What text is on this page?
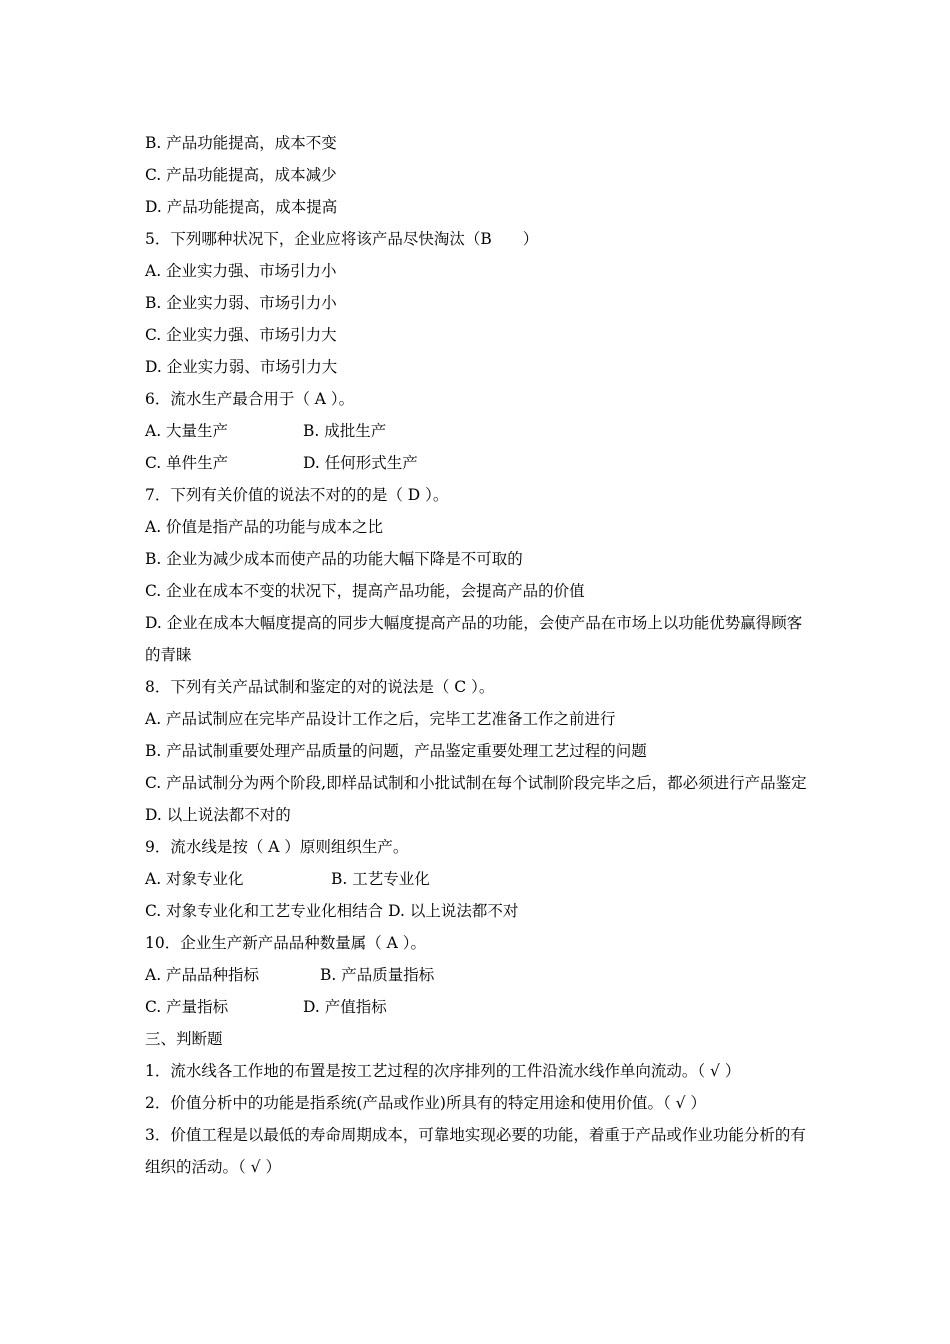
B. 产品功能提高，成本不变
C. 产品功能提高，成本减少
D. 产品功能提高，成本提高
5．下列哪种状况下，企业应将该产品尽快淘汰（B　　）
A. 企业实力强、市场引力小
B. 企业实力弱、市场引力小
C. 企业实力强、市场引力大
D. 企业实力弱、市场引力大
6．流水生产最合用于（ A ）。
A. 大量生产	B. 成批生产
C. 单件生产	D. 任何形式生产
7．下列有关价值的说法不对的的是（ D ）。
A. 价值是指产品的功能与成本之比
B. 企业为减少成本而使产品的功能大幅下降是不可取的
C. 企业在成本不变的状况下，提高产品功能，会提高产品的价值
D. 企业在成本大幅度提高的同步大幅度提高产品的功能，会使产品在市场上以功能优势赢得顾客的青睐
8．下列有关产品试制和鉴定的对的说法是（ C ）。
A. 产品试制应在完毕产品设计工作之后，完毕工艺准备工作之前进行
B. 产品试制重要处理产品质量的问题，产品鉴定重要处理工艺过程的问题
C. 产品试制分为两个阶段,即样品试制和小批试制在每个试制阶段完毕之后，都必须进行产品鉴定
D. 以上说法都不对的
9．流水线是按（ A ）原则组织生产。
A. 对象专业化	B. 工艺专业化
C. 对象专业化和工艺专业化相结合 D. 以上说法都不对
10．企业生产新产品品种数量属（ A ）。
A. 产品品种指标	B. 产品质量指标
C. 产量指标	D. 产值指标
三、判断题
1．流水线各工作地的布置是按工艺过程的次序排列的工件沿流水线作单向流动。（ √ ）
2．价值分析中的功能是指系统(产品或作业)所具有的特定用途和使用价值。（ √ ）
3．价值工程是以最低的寿命周期成本，可靠地实现必要的功能，着重于产品或作业功能分析的有组织的活动。（ √ ）
